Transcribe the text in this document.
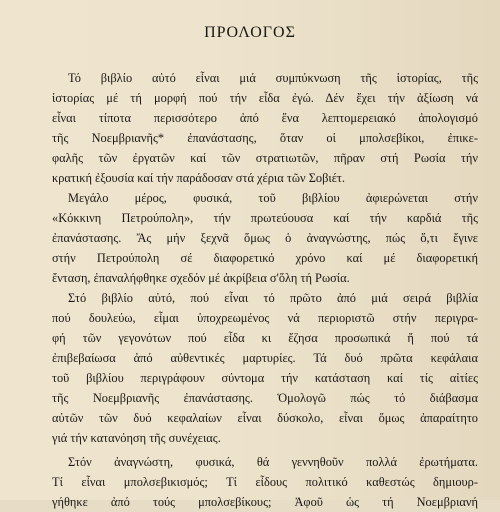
ΠΡΟΛΟΓΟΣ
Τό βιβλίο αὐτό εἶναι μιά συμπύκνωση τῆς ἱστορίας, τῆς
ἱστορίας μέ τή μορφή πού τήν εἶδα ἐγώ. Δέν ἔχει τήν ἀξίωση νά
εἶναι τίποτα περισσότερο ἀπό ἕνα λεπτομερειακό ἀπολογισμό
τῆς Νοεμβριανῆς* ἐπανάστασης, ὅταν οἱ μπολσεβίκοι, ἐπικε-
φαλῆς τῶν ἐργατῶν καί τῶν στρατιωτῶν, πῆραν στή Ρωσία τήν
κρατική ἐξουσία καί τήν παράδοσαν στά χέρια τῶν Σοβιέτ.
Μεγάλο μέρος, φυσικά, τοῦ βιβλίου ἀφιερώνεται στήν
«Κόκκινη Πετρούπολη», τήν πρωτεύουσα καί τήν καρδιά τῆς
ἐπανάστασης. Ἄς μήν ξεχνᾶ ὅμως ὁ ἀναγνώστης, πώς ὅ,τι ἔγινε
στήν Πετρούπολη σέ διαφορετικό χρόνο καί μέ διαφορετική
ἔνταση, ἐπαναλήφθηκε σχεδόν μέ ἀκρίβεια σ'ὅλη τή Ρωσία.
Στό βιβλίο αὐτό, πού εἶναι τό πρῶτο ἀπό μιά σειρά βιβλία
πού δουλεύω, εἶμαι ὑποχρεωμένος νά περιοριστῶ στήν περιγρα-
φή τῶν γεγονότων πού εἶδα κι ἔζησα προσωπικά ἤ πού τά
ἐπιβεβαίωσα ἀπό αὐθεντικές μαρτυρίες. Τά δυό πρῶτα κεφάλαια
τοῦ βιβλίου περιγράφουν σύντομα τήν κατάσταση καί τίς αἰτίες
τῆς Νοεμβριανῆς ἐπανάστασης. Ὁμολογῶ πώς τό διάβασμα
αὐτῶν τῶν δυό κεφαλαίων εἶναι δύσκολο, εἶναι ὅμως ἀπαραίτητο
γιά τήν κατανόηση τῆς συνέχειας.
Στόν ἀναγνώστη, φυσικά, θά γεννηθοῦν πολλά ἐρωτήματα.
Τί εἶναι μπολσεβικισμός; Τί εἶδους πολιτικό καθεστώς δημιουρ-
γήθηκε ἀπό τούς μπολσεβίκους; Ἀφοῦ ὡς τή Νοεμβριανή
